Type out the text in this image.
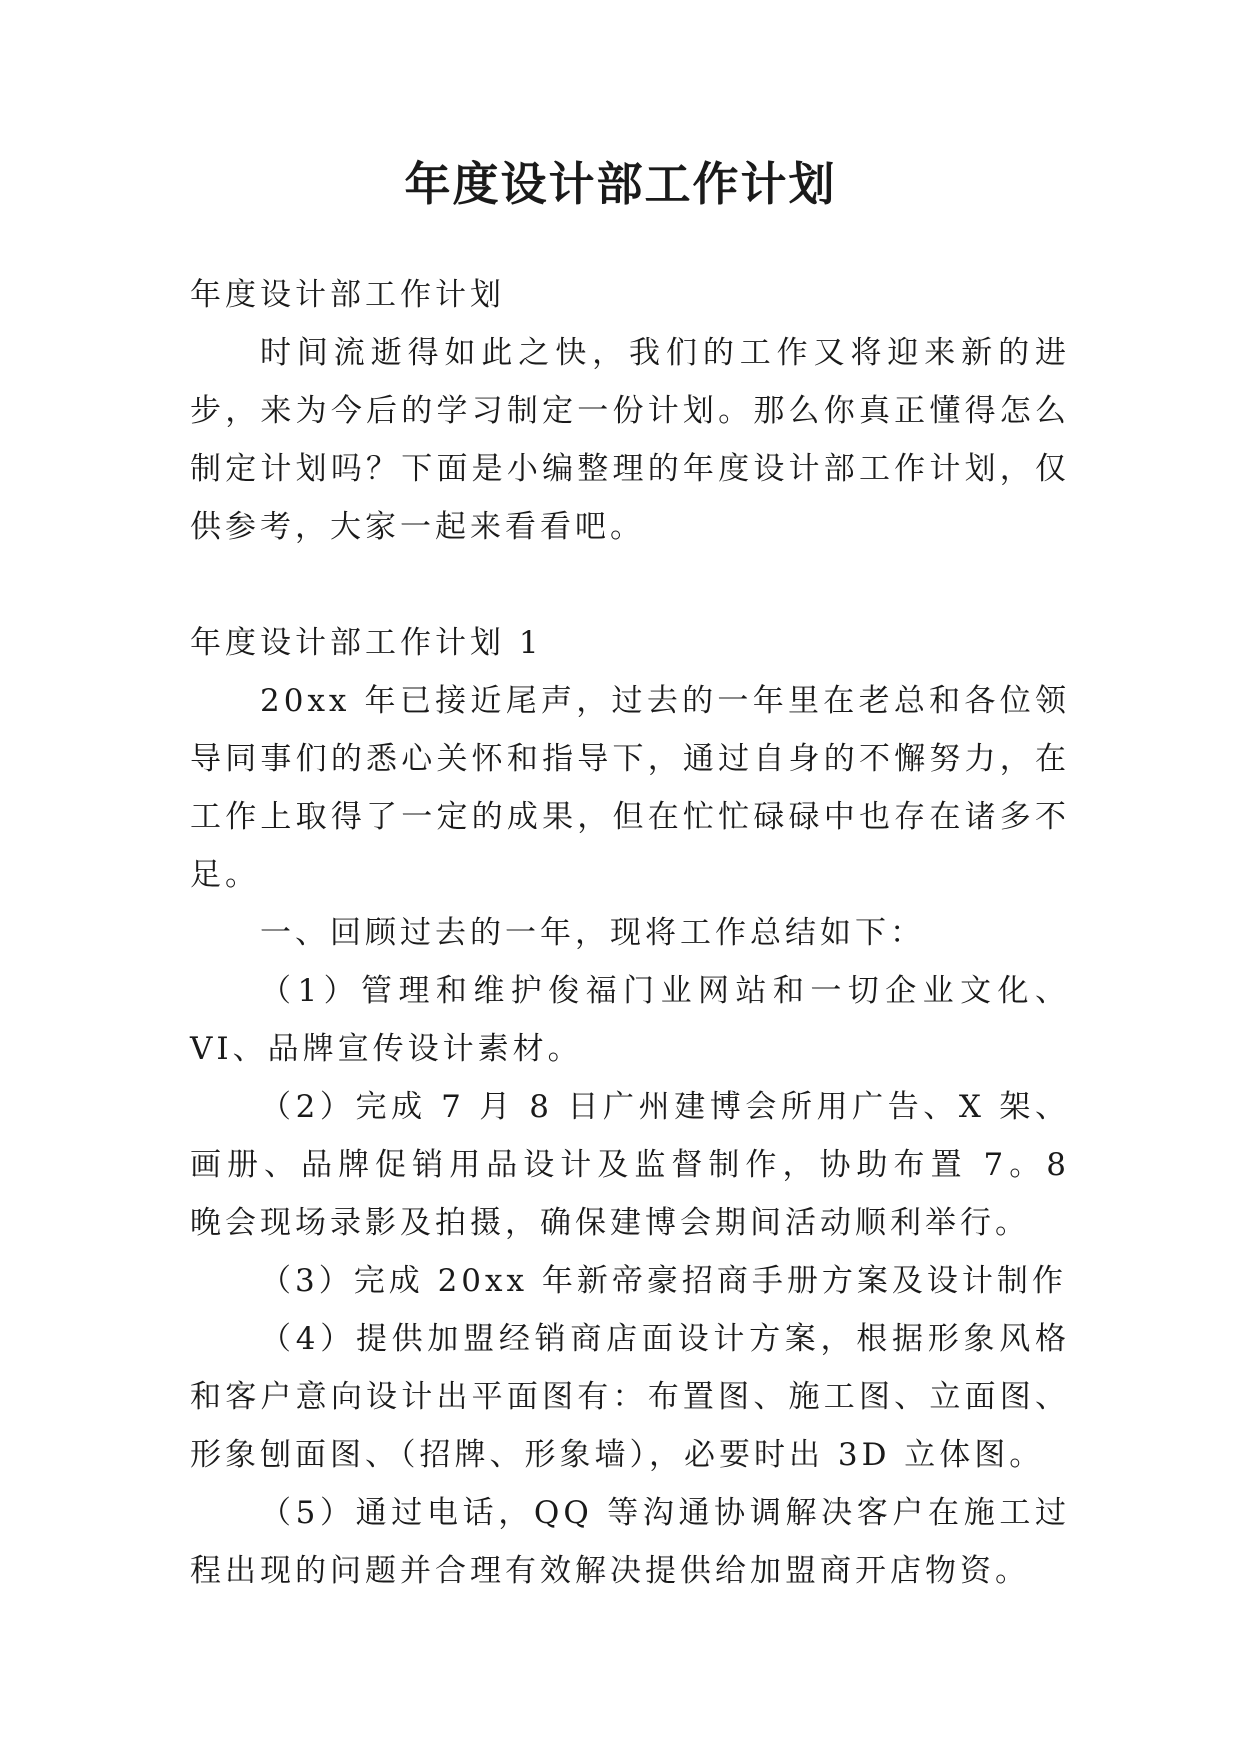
年度设计部工作计划

年度设计部工作计划

时间流逝得如此之快，我们的工作又将迎来新的进步，来为今后的学习制定一份计划。那么你真正懂得怎么制定计划吗？下面是小编整理的年度设计部工作计划，仅供参考，大家一起来看看吧。

年度设计部工作计划 1

20xx 年已接近尾声，过去的一年里在老总和各位领导同事们的悉心关怀和指导下，通过自身的不懈努力，在工作上取得了一定的成果，但在忙忙碌碌中也存在诸多不足。

一、回顾过去的一年，现将工作总结如下：

（1）管理和维护俊福门业网站和一切企业文化、VI、品牌宣传设计素材。

（2）完成 7 月 8 日广州建博会所用广告、X 架、画册、品牌促销用品设计及监督制作，协助布置 7。8 晚会现场录影及拍摄，确保建博会期间活动顺利举行。

（3）完成 20xx 年新帝豪招商手册方案及设计制作

（4）提供加盟经销商店面设计方案，根据形象风格和客户意向设计出平面图有：布置图、施工图、立面图、形象刨面图、（招牌、形象墙），必要时出 3D 立体图。

（5）通过电话，QQ 等沟通协调解决客户在施工过程出现的问题并合理有效解决提供给加盟商开店物资。
